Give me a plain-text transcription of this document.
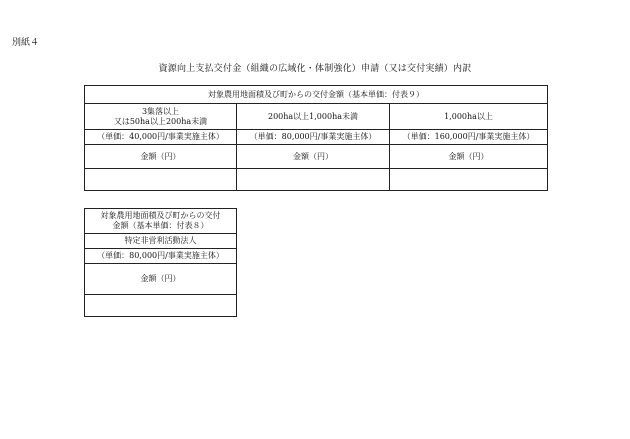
別紙４
資源向上支払交付金（組織の広域化・体制強化）申請（又は交付実績）内訳
対象農用地面積及び町からの交付金額（基本単価：付表９）		

3集落以上
又は50ha以上200ha未満	200ha以上1,000ha未満	1,000ha以上
（単価：40,000円/事業実施主体）	（単価：80,000円/事業実施主体）	（単価：160,000円/事業実施主体）
金額（円）	金額（円）	金額（円）

対象農用地面積及び町からの交付
金額（基本単価：付表８）

特定非営利活動法人
（単価：80,000円/事業実施主体）
金額（円）
